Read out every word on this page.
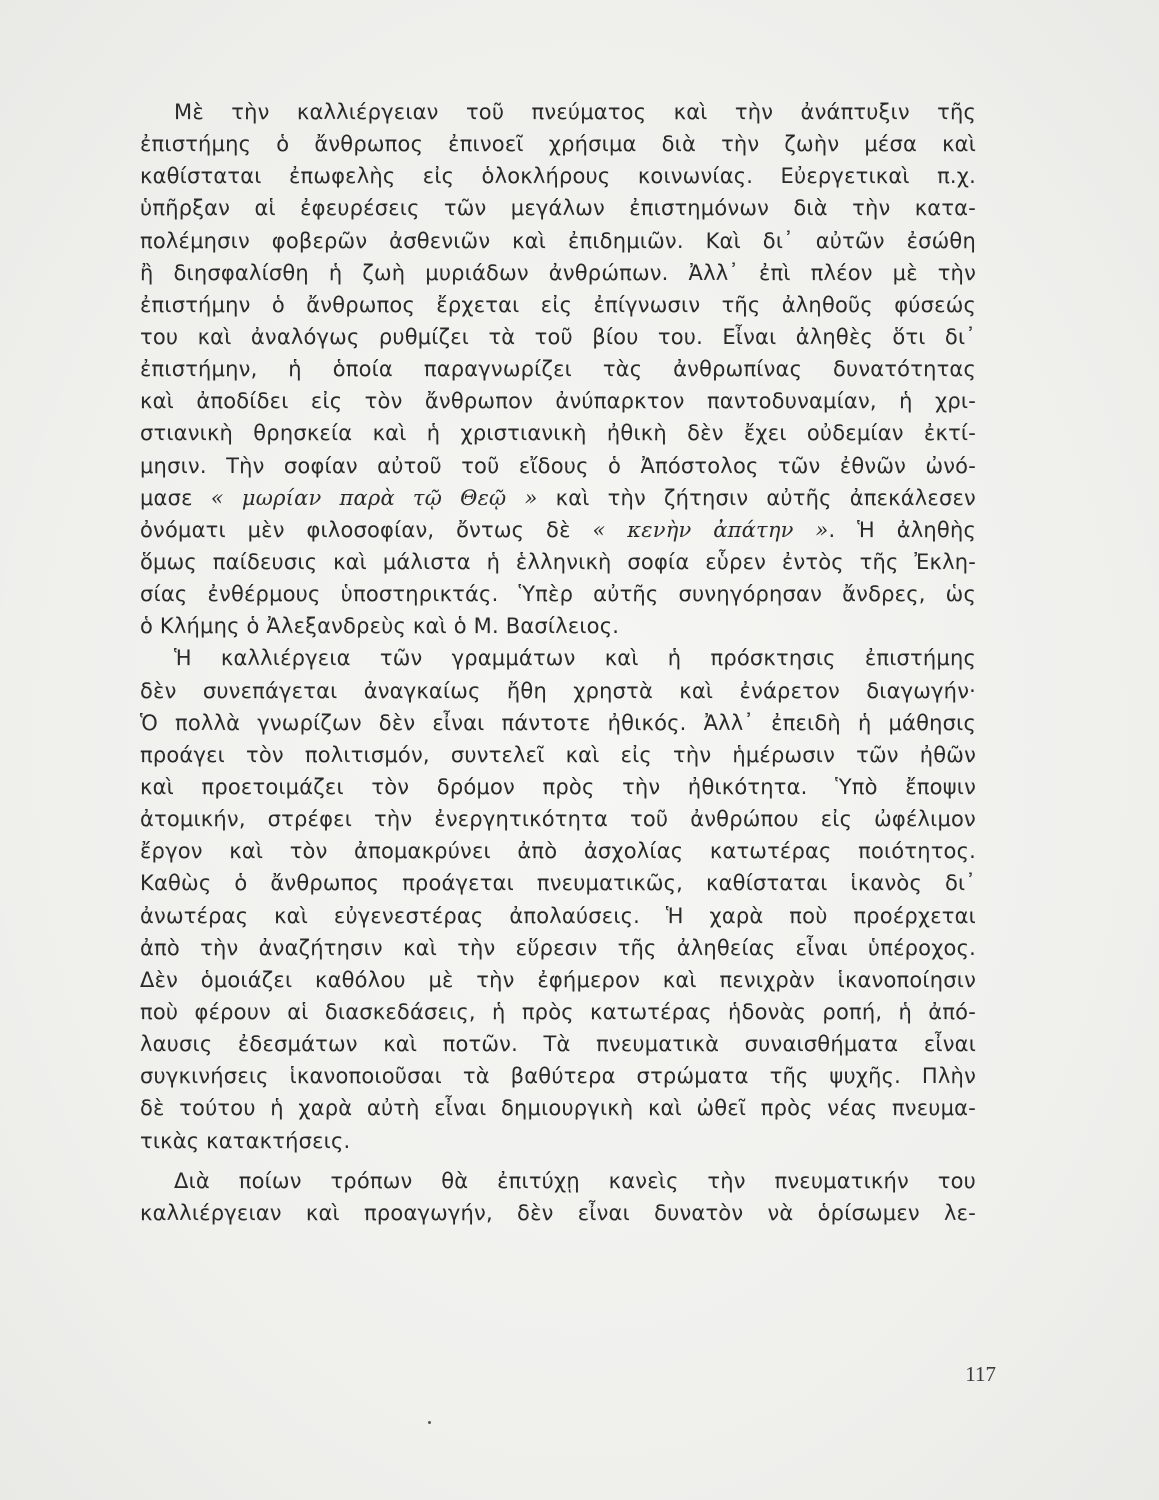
Μὲ τὴν καλλιέργειαν τοῦ πνεύματος καὶ τὴν ἀνάπτυξιν τῆς
ἐπιστήμης ὁ ἄνθρωπος ἐπινοεῖ χρήσιμα διὰ τὴν ζωὴν μέσα καὶ
καθίσταται ἐπωφελὴς εἰς ὁλοκλήρους κοινωνίας. Εὐεργετικαὶ π.χ.
ὑπῆρξαν αἱ ἐφευρέσεις τῶν μεγάλων ἐπιστημόνων διὰ τὴν κατα-
πολέμησιν φοβερῶν ἀσθενιῶν καὶ ἐπιδημιῶν. Καὶ δι᾽ αὐτῶν ἐσώθη
ἢ διησφαλίσθη ἡ ζωὴ μυριάδων ἀνθρώπων. Ἀλλ᾽ ἐπὶ πλέον μὲ τὴν
ἐπιστήμην ὁ ἄνθρωπος ἔρχεται εἰς ἐπίγνωσιν τῆς ἀληθοῦς φύσεώς
του καὶ ἀναλόγως ρυθμίζει τὰ τοῦ βίου του. Εἶναι ἀληθὲς ὅτι δι᾽
ἐπιστήμην, ἡ ὁποία παραγνωρίζει τὰς ἀνθρωπίνας δυνατότητας
καὶ ἀποδίδει εἰς τὸν ἄνθρωπον ἀνύπαρκτον παντοδυναμίαν, ἡ χρι-
στιανικὴ θρησκεία καὶ ἡ χριστιανικὴ ἠθικὴ δὲν ἔχει οὐδεμίαν ἐκτί-
μησιν. Τὴν σοφίαν αὐτοῦ τοῦ εἴδους ὁ Ἀπόστολος τῶν ἐθνῶν ὠνό-
μασε « μωρίαν παρὰ τῷ Θεῷ » καὶ τὴν ζήτησιν αὐτῆς ἀπεκάλεσεν
ὀνόματι μὲν φιλοσοφίαν, ὄντως δὲ « κενὴν ἀπάτην ». Ἡ ἀληθὴς
ὅμως παίδευσις καὶ μάλιστα ἡ ἑλληνικὴ σοφία εὗρεν ἐντὸς τῆς Ἐκλη-
σίας ἐνθέρμους ὑποστηρικτάς. Ὑπὲρ αὐτῆς συνηγόρησαν ἄνδρες, ὡς
ὁ Κλήμης ὁ Ἀλεξανδρεὺς καὶ ὁ Μ. Βασίλειος.
Ἡ καλλιέργεια τῶν γραμμάτων καὶ ἡ πρόσκτησις ἐπιστήμης
δὲν συνεπάγεται ἀναγκαίως ἤθη χρηστὰ καὶ ἐνάρετον διαγωγήν·
Ὁ πολλὰ γνωρίζων δὲν εἶναι πάντοτε ἠθικός. Ἀλλ᾽ ἐπειδὴ ἡ μάθησις
προάγει τὸν πολιτισμόν, συντελεῖ καὶ εἰς τὴν ἡμέρωσιν τῶν ἠθῶν
καὶ προετοιμάζει τὸν δρόμον πρὸς τὴν ἠθικότητα. Ὑπὸ ἔποψιν
ἀτομικήν, στρέφει τὴν ἐνεργητικότητα τοῦ ἀνθρώπου εἰς ὠφέλιμον
ἔργον καὶ τὸν ἀπομακρύνει ἀπὸ ἀσχολίας κατωτέρας ποιότητος.
Καθὼς ὁ ἄνθρωπος προάγεται πνευματικῶς, καθίσταται ἱκανὸς δι᾽
ἀνωτέρας καὶ εὐγενεστέρας ἀπολαύσεις. Ἡ χαρὰ ποὺ προέρχεται
ἀπὸ τὴν ἀναζήτησιν καὶ τὴν εὕρεσιν τῆς ἀληθείας εἶναι ὑπέροχος.
Δὲν ὁμοιάζει καθόλου μὲ τὴν ἐφήμερον καὶ πενιχρὰν ἱκανοποίησιν
ποὺ φέρουν αἱ διασκεδάσεις, ἡ πρὸς κατωτέρας ἡδονὰς ροπή, ἡ ἀπό-
λαυσις ἐδεσμάτων καὶ ποτῶν. Τὰ πνευματικὰ συναισθήματα εἶναι
συγκινήσεις ἱκανοποιοῦσαι τὰ βαθύτερα στρώματα τῆς ψυχῆς. Πλὴν
δὲ τούτου ἡ χαρὰ αὐτὴ εἶναι δημιουργικὴ καὶ ὠθεῖ πρὸς νέας πνευμα-
τικὰς κατακτήσεις.
Διὰ ποίων τρόπων θὰ ἐπιτύχῃ κανεὶς τὴν πνευματικήν του
καλλιέργειαν καὶ προαγωγήν, δὲν εἶναι δυνατὸν νὰ ὁρίσωμεν λε-
117
